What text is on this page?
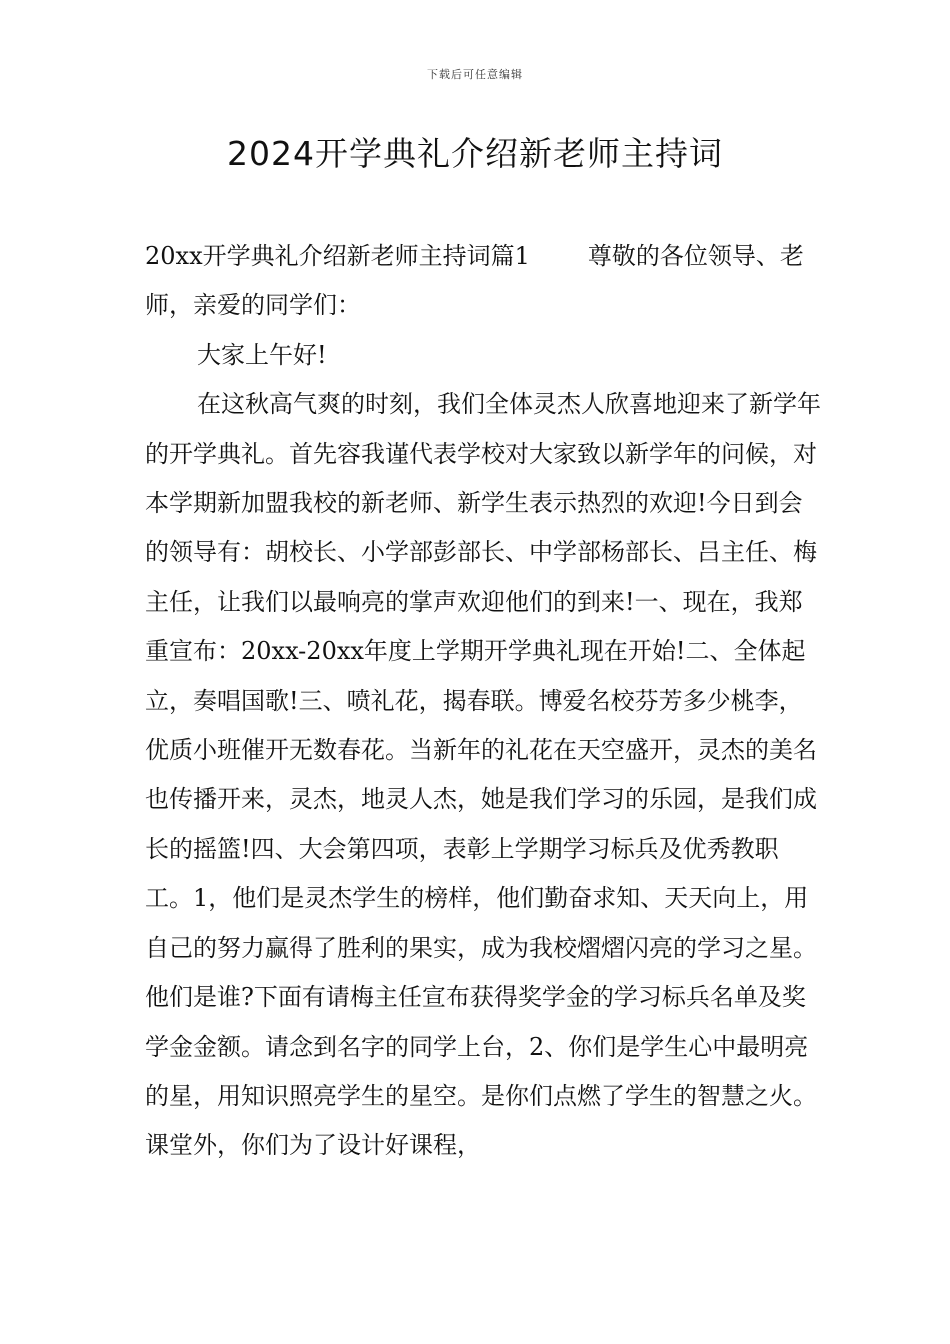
下载后可任意编辑
2024开学典礼介绍新老师主持词

20xx开学典礼介绍新老师主持词篇1 尊敬的各位领导、老师，亲爱的同学们：

大家上午好!

在这秋高气爽的时刻，我们全体灵杰人欣喜地迎来了新学年的开学典礼。首先容我谨代表学校对大家致以新学年的问候，对本学期新加盟我校的新老师、新学生表示热烈的欢迎!今日到会的领导有：胡校长、小学部彭部长、中学部杨部长、吕主任、梅主任，让我们以最响亮的掌声欢迎他们的到来!一、现在，我郑重宣布：20xx-20xx年度上学期开学典礼现在开始!二、全体起立，奏唱国歌!三、喷礼花，揭春联。博爱名校芬芳多少桃李，优质小班催开无数春花。当新年的礼花在天空盛开，灵杰的美名也传播开来，灵杰，地灵人杰，她是我们学习的乐园，是我们成长的摇篮!四、大会第四项，表彰上学期学习标兵及优秀教职工。1，他们是灵杰学生的榜样，他们勤奋求知、天天向上，用自己的努力赢得了胜利的果实，成为我校熠熠闪亮的学习之星。他们是谁?下面有请梅主任宣布获得奖学金的学习标兵名单及奖学金金额。请念到名字的同学上台，2、你们是学生心中最明亮的星，用知识照亮学生的星空。是你们点燃了学生的智慧之火。课堂外，你们为了设计好课程，
